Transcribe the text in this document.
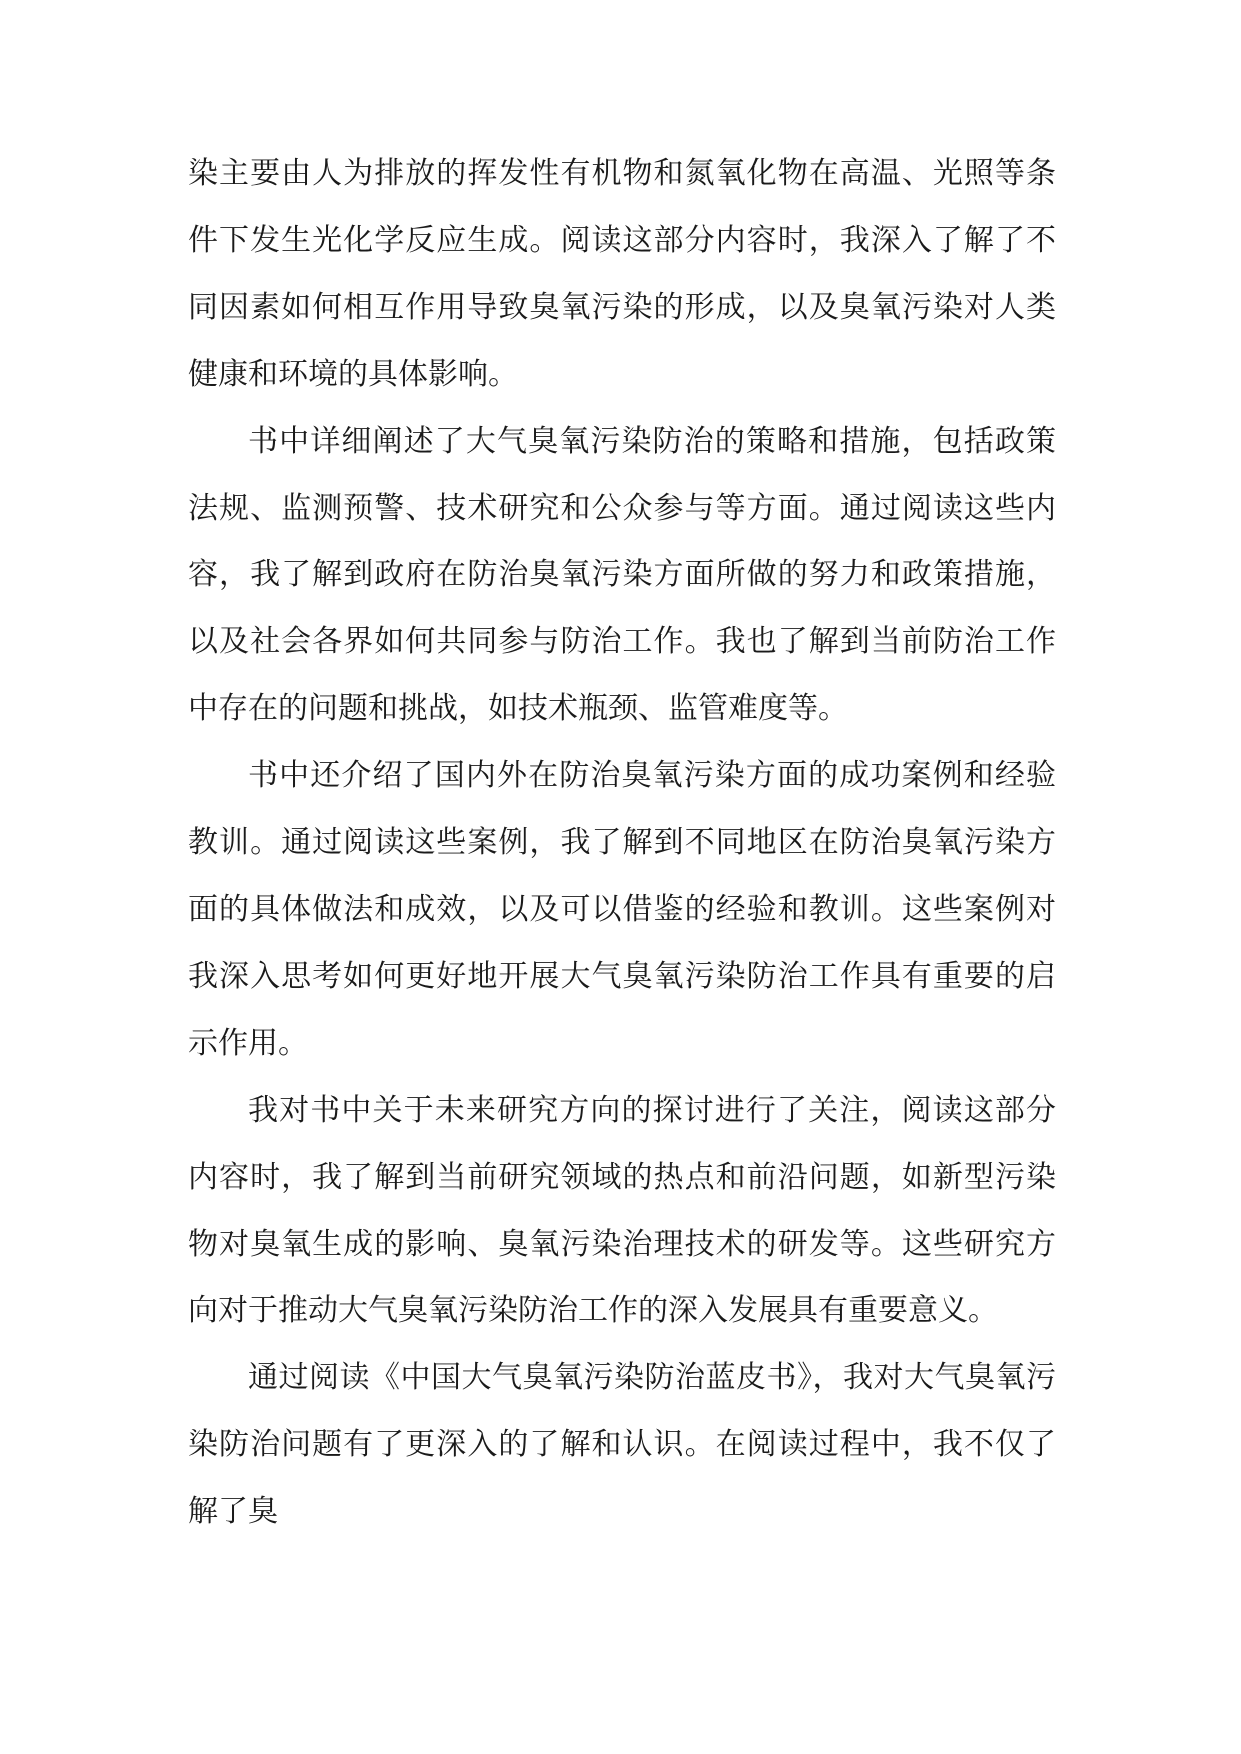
染主要由人为排放的挥发性有机物和氮氧化物在高温、光照等条件下发生光化学反应生成。阅读这部分内容时，我深入了解了不同因素如何相互作用导致臭氧污染的形成，以及臭氧污染对人类健康和环境的具体影响。

书中详细阐述了大气臭氧污染防治的策略和措施，包括政策法规、监测预警、技术研究和公众参与等方面。通过阅读这些内容，我了解到政府在防治臭氧污染方面所做的努力和政策措施，以及社会各界如何共同参与防治工作。我也了解到当前防治工作中存在的问题和挑战，如技术瓶颈、监管难度等。

书中还介绍了国内外在防治臭氧污染方面的成功案例和经验教训。通过阅读这些案例，我了解到不同地区在防治臭氧污染方面的具体做法和成效，以及可以借鉴的经验和教训。这些案例对我深入思考如何更好地开展大气臭氧污染防治工作具有重要的启示作用。

我对书中关于未来研究方向的探讨进行了关注，阅读这部分内容时，我了解到当前研究领域的热点和前沿问题，如新型污染物对臭氧生成的影响、臭氧污染治理技术的研发等。这些研究方向对于推动大气臭氧污染防治工作的深入发展具有重要意义。

通过阅读《中国大气臭氧污染防治蓝皮书》，我对大气臭氧污染防治问题有了更深入的了解和认识。在阅读过程中，我不仅了解了臭
